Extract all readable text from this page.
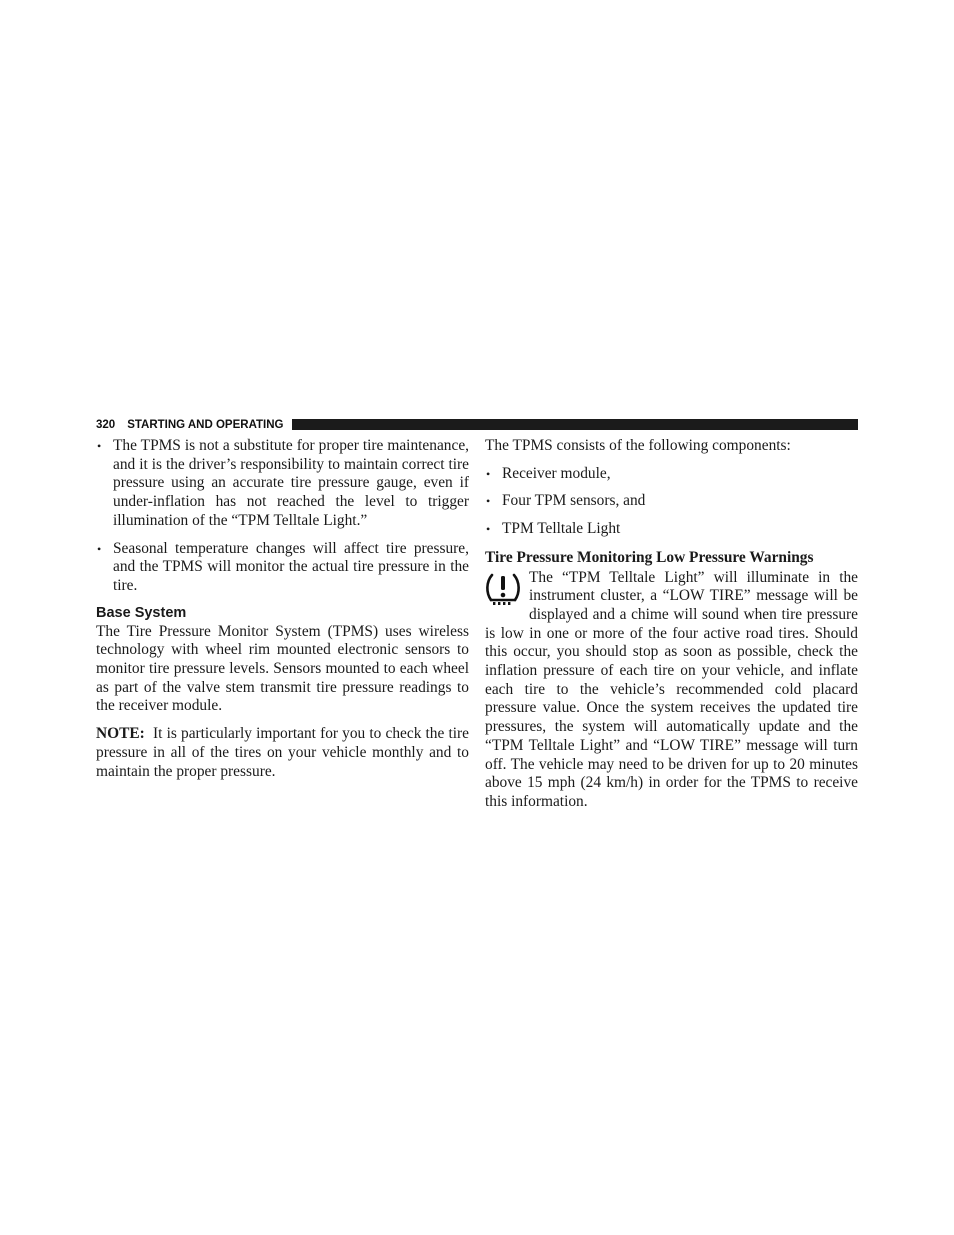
320 STARTING AND OPERATING
• The TPMS is not a substitute for proper tire maintenance, and it is the driver’s responsibility to maintain correct tire pressure using an accurate tire pressure gauge, even if under-inflation has not reached the level to trigger illumination of the “TPM Telltale Light.”

• Seasonal temperature changes will affect tire pressure, and the TPMS will monitor the actual tire pressure in the tire.

Base System

The Tire Pressure Monitor System (TPMS) uses wireless technology with wheel rim mounted electronic sensors to monitor tire pressure levels. Sensors mounted to each wheel as part of the valve stem transmit tire pressure readings to the receiver module.

NOTE: It is particularly important for you to check the tire pressure in all of the tires on your vehicle monthly and to maintain the proper pressure.

The TPMS consists of the following components:

• Receiver module,

• Four TPM sensors, and

• TPM Telltale Light

Tire Pressure Monitoring Low Pressure Warnings

The “TPM Telltale Light” will illuminate in the instrument cluster, a “LOW TIRE” message will be displayed and a chime will sound when tire pressure is low in one or more of the four active road tires. Should this occur, you should stop as soon as possible, check the inflation pressure of each tire on your vehicle, and inflate each tire to the vehicle’s recommended cold placard pressure value. Once the system receives the updated tire pressures, the system will automatically update and the “TPM Telltale Light” and “LOW TIRE” message will turn off. The vehicle may need to be driven for up to 20 minutes above 15 mph (24 km/h) in order for the TPMS to receive this information.
